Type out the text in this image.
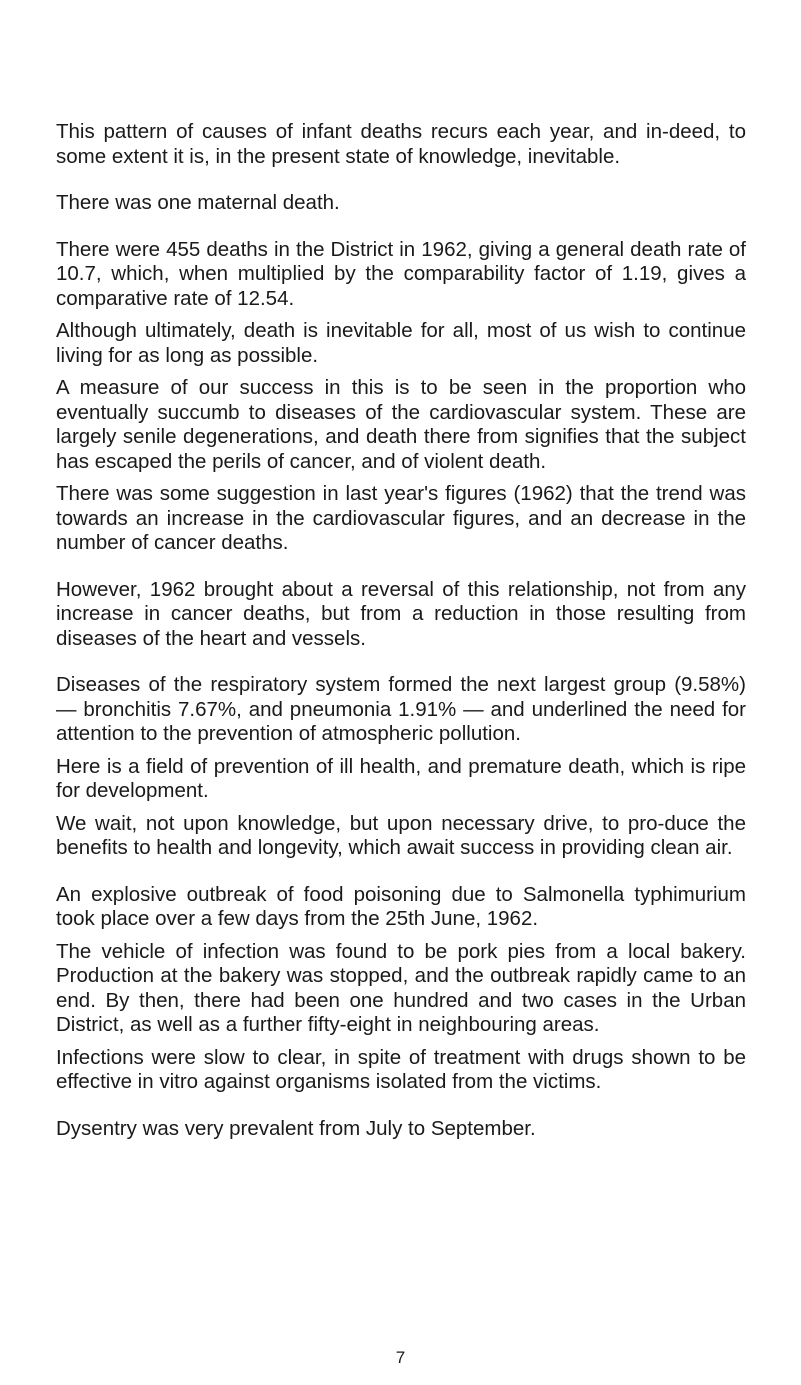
This pattern of causes of infant deaths recurs each year, and in-deed, to some extent it is, in the present state of knowledge, inevitable.

There was one maternal death.

There were 455 deaths in the District in 1962, giving a general death rate of 10.7, which, when multiplied by the comparability factor of 1.19, gives a comparative rate of 12.54.

Although ultimately, death is inevitable for all, most of us wish to continue living for as long as possible.

A measure of our success in this is to be seen in the proportion who eventually succumb to diseases of the cardiovascular system. These are largely senile degenerations, and death there from signifies that the subject has escaped the perils of cancer, and of violent death.

There was some suggestion in last year's figures (1962) that the trend was towards an increase in the cardiovascular figures, and an decrease in the number of cancer deaths.

However, 1962 brought about a reversal of this relationship, not from any increase in cancer deaths, but from a reduction in those resulting from diseases of the heart and vessels.

Diseases of the respiratory system formed the next largest group (9.58%) — bronchitis 7.67%, and pneumonia 1.91% — and underlined the need for attention to the prevention of atmospheric pollution.

Here is a field of prevention of ill health, and premature death, which is ripe for development.

We wait, not upon knowledge, but upon necessary drive, to pro-duce the benefits to health and longevity, which await success in providing clean air.

An explosive outbreak of food poisoning due to Salmonella typhimurium took place over a few days from the 25th June, 1962.

The vehicle of infection was found to be pork pies from a local bakery. Production at the bakery was stopped, and the outbreak rapidly came to an end. By then, there had been one hundred and two cases in the Urban District, as well as a further fifty-eight in neighbouring areas.

Infections were slow to clear, in spite of treatment with drugs shown to be effective in vitro against organisms isolated from the victims.

Dysentry was very prevalent from July to September.

7
